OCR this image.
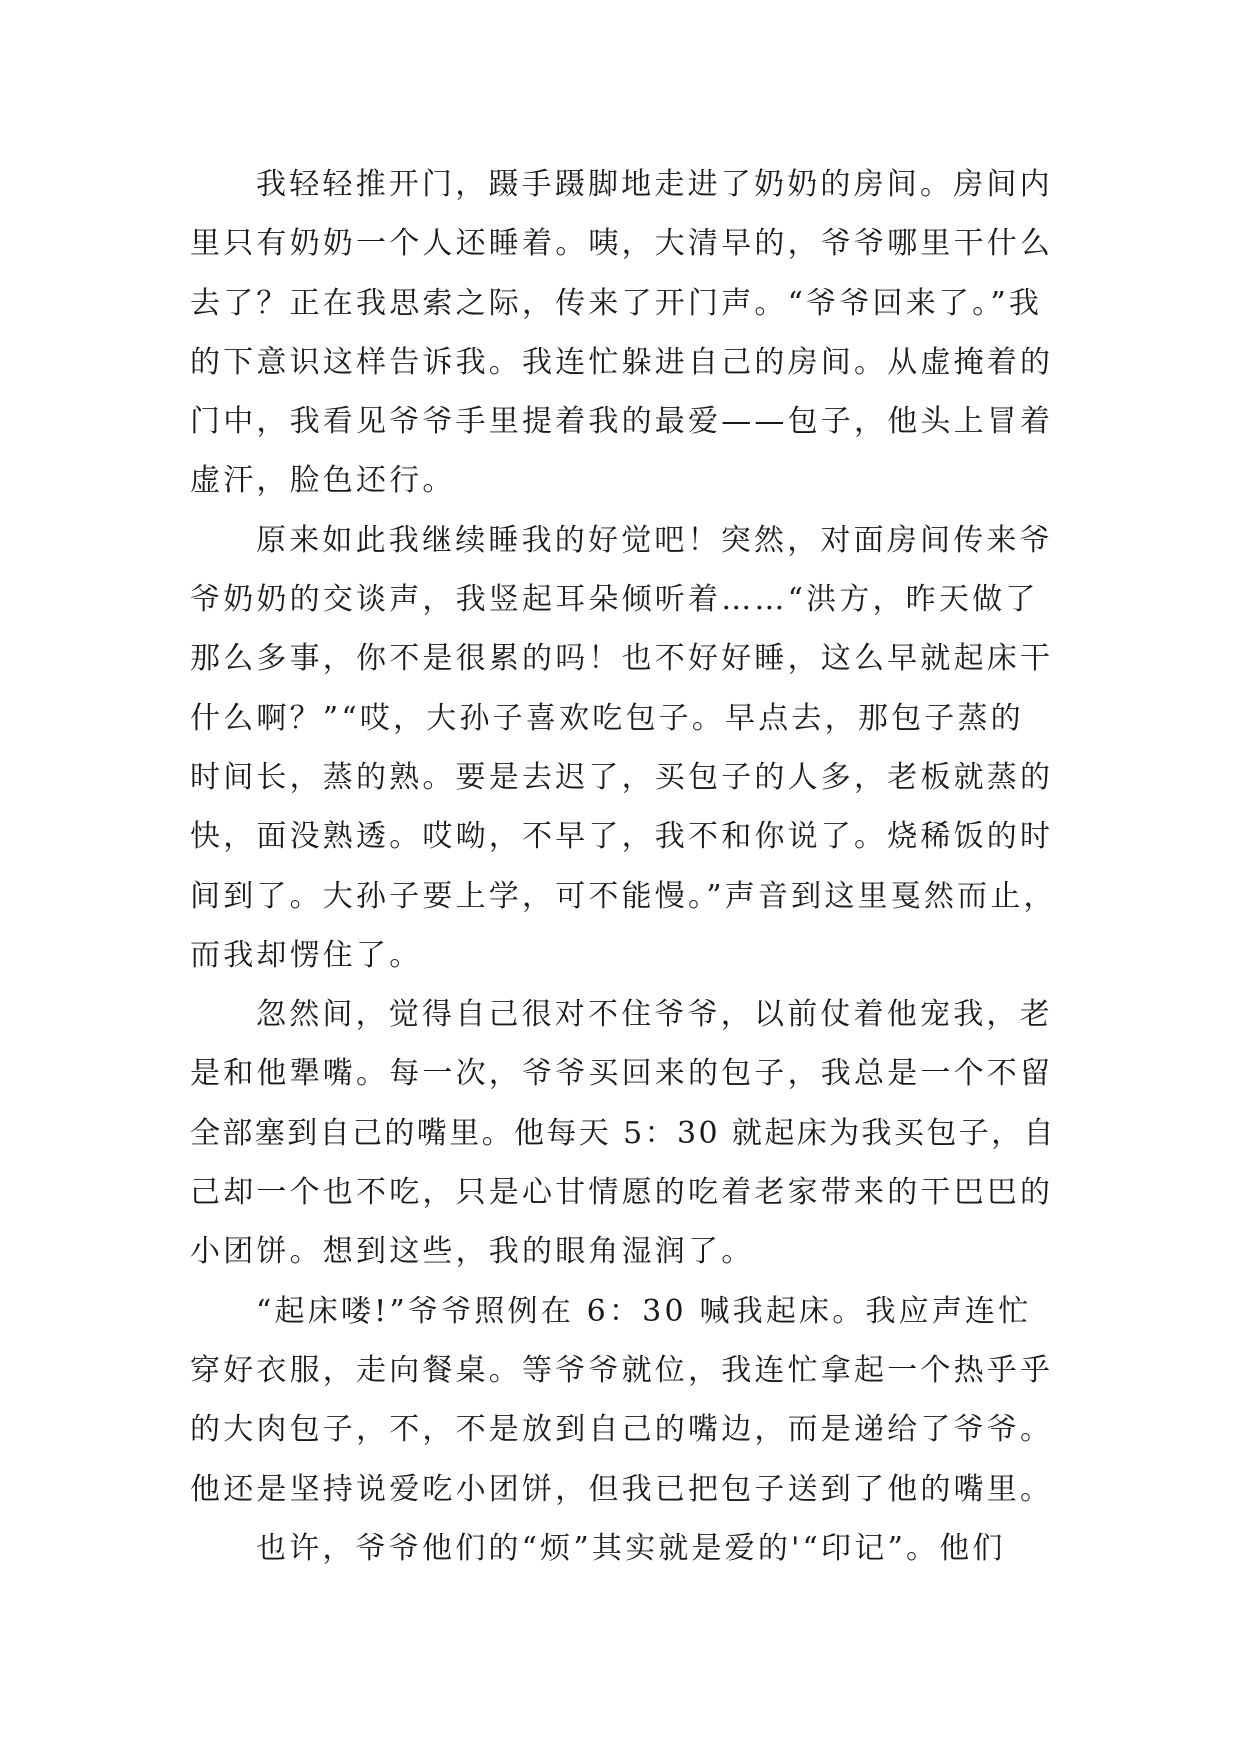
我轻轻推开门，蹑手蹑脚地走进了奶奶的房间。房间内
里只有奶奶一个人还睡着。咦，大清早的，爷爷哪里干什么
去了？正在我思索之际，传来了开门声。“爷爷回来了。”我
的下意识这样告诉我。我连忙躲进自己的房间。从虚掩着的
门中，我看见爷爷手里提着我的最爱——包子，他头上冒着
虚汗，脸色还行。
原来如此我继续睡我的好觉吧！突然，对面房间传来爷
爷奶奶的交谈声，我竖起耳朵倾听着……“洪方，昨天做了
那么多事，你不是很累的吗！也不好好睡，这么早就起床干
什么啊？”“哎，大孙子喜欢吃包子。早点去，那包子蒸的
时间长，蒸的熟。要是去迟了，买包子的人多，老板就蒸的
快，面没熟透。哎呦，不早了，我不和你说了。烧稀饭的时
间到了。大孙子要上学，可不能慢。”声音到这里戛然而止，
而我却愣住了。
忽然间，觉得自己很对不住爷爷，以前仗着他宠我，老
是和他犟嘴。每一次，爷爷买回来的包子，我总是一个不留
全部塞到自己的嘴里。他每天 5：30 就起床为我买包子，自
己却一个也不吃，只是心甘情愿的吃着老家带来的干巴巴的
小团饼。想到这些，我的眼角湿润了。
“起床喽!”爷爷照例在 6：30 喊我起床。我应声连忙
穿好衣服，走向餐桌。等爷爷就位，我连忙拿起一个热乎乎
的大肉包子，不，不是放到自己的嘴边，而是递给了爷爷。
他还是坚持说爱吃小团饼，但我已把包子送到了他的嘴里。
也许，爷爷他们的“烦”其实就是爱的'“印记”。他们
